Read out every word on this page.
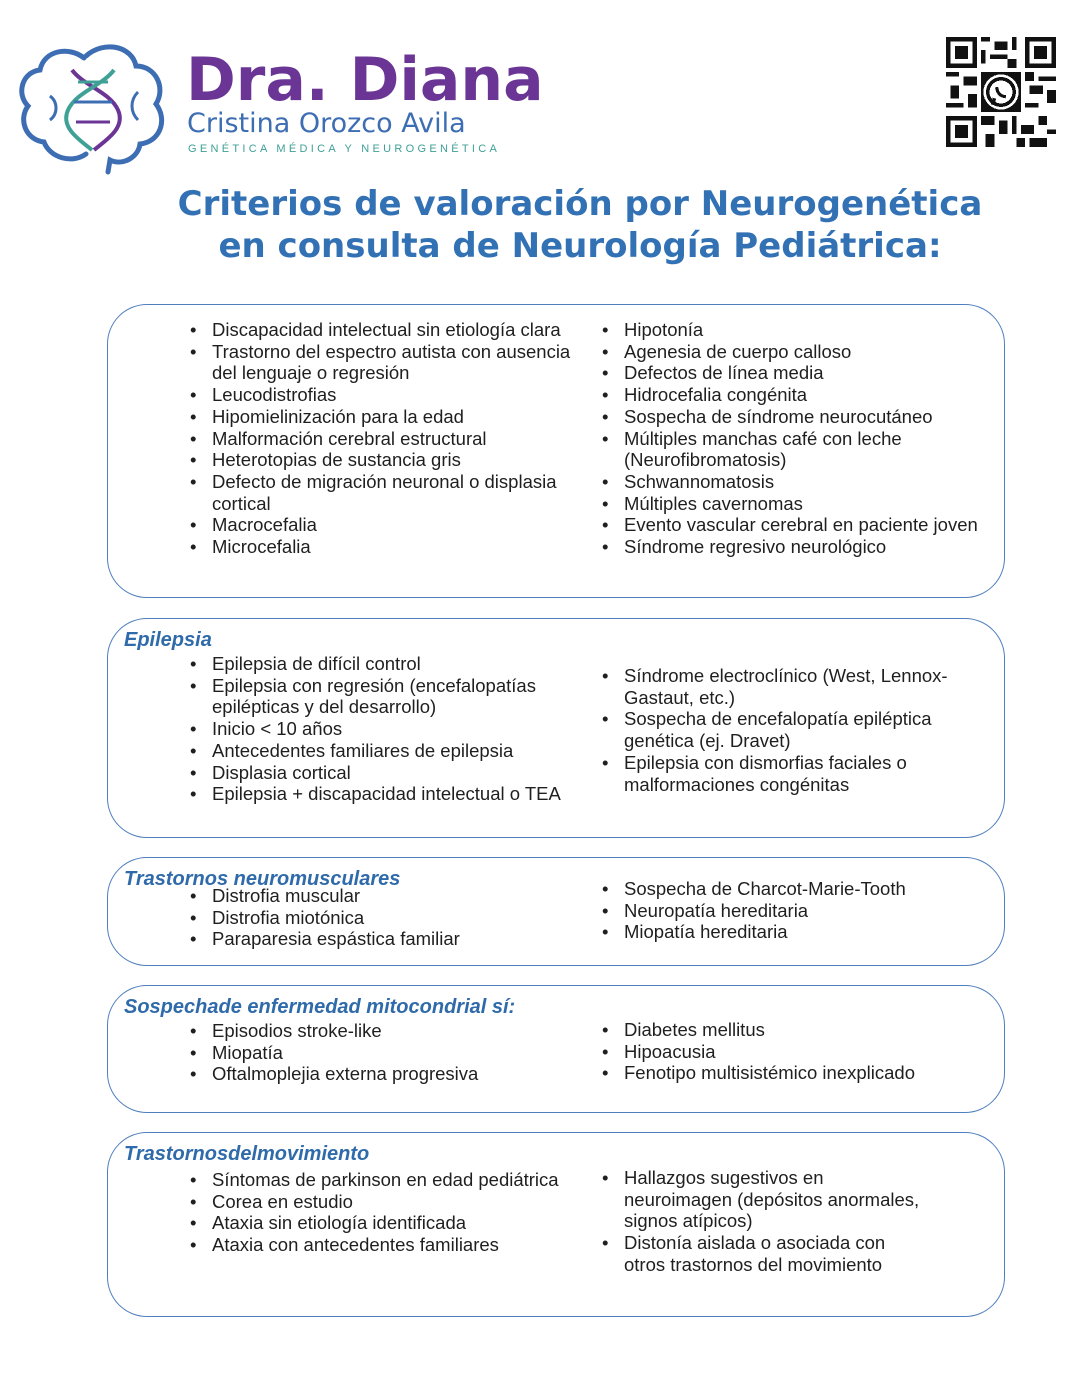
Dra. Diana
Cristina Orozco Avila
GENÉTICA MÉDICA Y NEUROGENÉTICA
Criterios de valoración por Neurogenética
en consulta de Neurología Pediátrica:
• Discapacidad intelectual sin etiología clara
• Trastorno del espectro autista con ausencia del lenguaje o regresión
• Leucodistrofias
• Hipomielinización para la edad
• Malformación cerebral estructural
• Heterotopias de sustancia gris
• Defecto de migración neuronal o displasia cortical
• Macrocefalia
• Microcefalia
• Hipotonía
• Agenesia de cuerpo calloso
• Defectos de línea media
• Hidrocefalia congénita
• Sospecha de síndrome neurocutáneo
• Múltiples manchas café con leche (Neurofibromatosis)
• Schwannomatosis
• Múltiples cavernomas
• Evento vascular cerebral en paciente joven
• Síndrome regresivo neurológico
Epilepsia
• Epilepsia de difícil control
• Epilepsia con regresión (encefalopatías epilépticas y del desarrollo)
• Inicio < 10 años
• Antecedentes familiares de epilepsia
• Displasia cortical
• Epilepsia + discapacidad intelectual o TEA
• Síndrome electroclínico (West, Lennox- Gastaut, etc.)
• Sospecha de encefalopatía epiléptica genética (ej. Dravet)
• Epilepsia con dismorfias faciales o malformaciones congénitas
Trastornos neuromusculares
• Distrofia muscular
• Distrofia miotónica
• Paraparesia espástica familiar
• Sospecha de Charcot-Marie-Tooth
• Neuropatía hereditaria
• Miopatía hereditaria
Sospechade enfermedad mitocondrial sí:
• Episodios stroke-like
• Miopatía
• Oftalmoplejia externa progresiva
• Diabetes mellitus
• Hipoacusia
• Fenotipo multisistémico inexplicado
Trastornosdelmovimiento
• Síntomas de parkinson en edad pediátrica
• Corea en estudio
• Ataxia sin etiología identificada
• Ataxia con antecedentes familiares
• Hallazgos sugestivos en neuroimagen (depósitos anormales, signos atípicos)
• Distonía aislada o asociada con otros trastornos del movimiento
